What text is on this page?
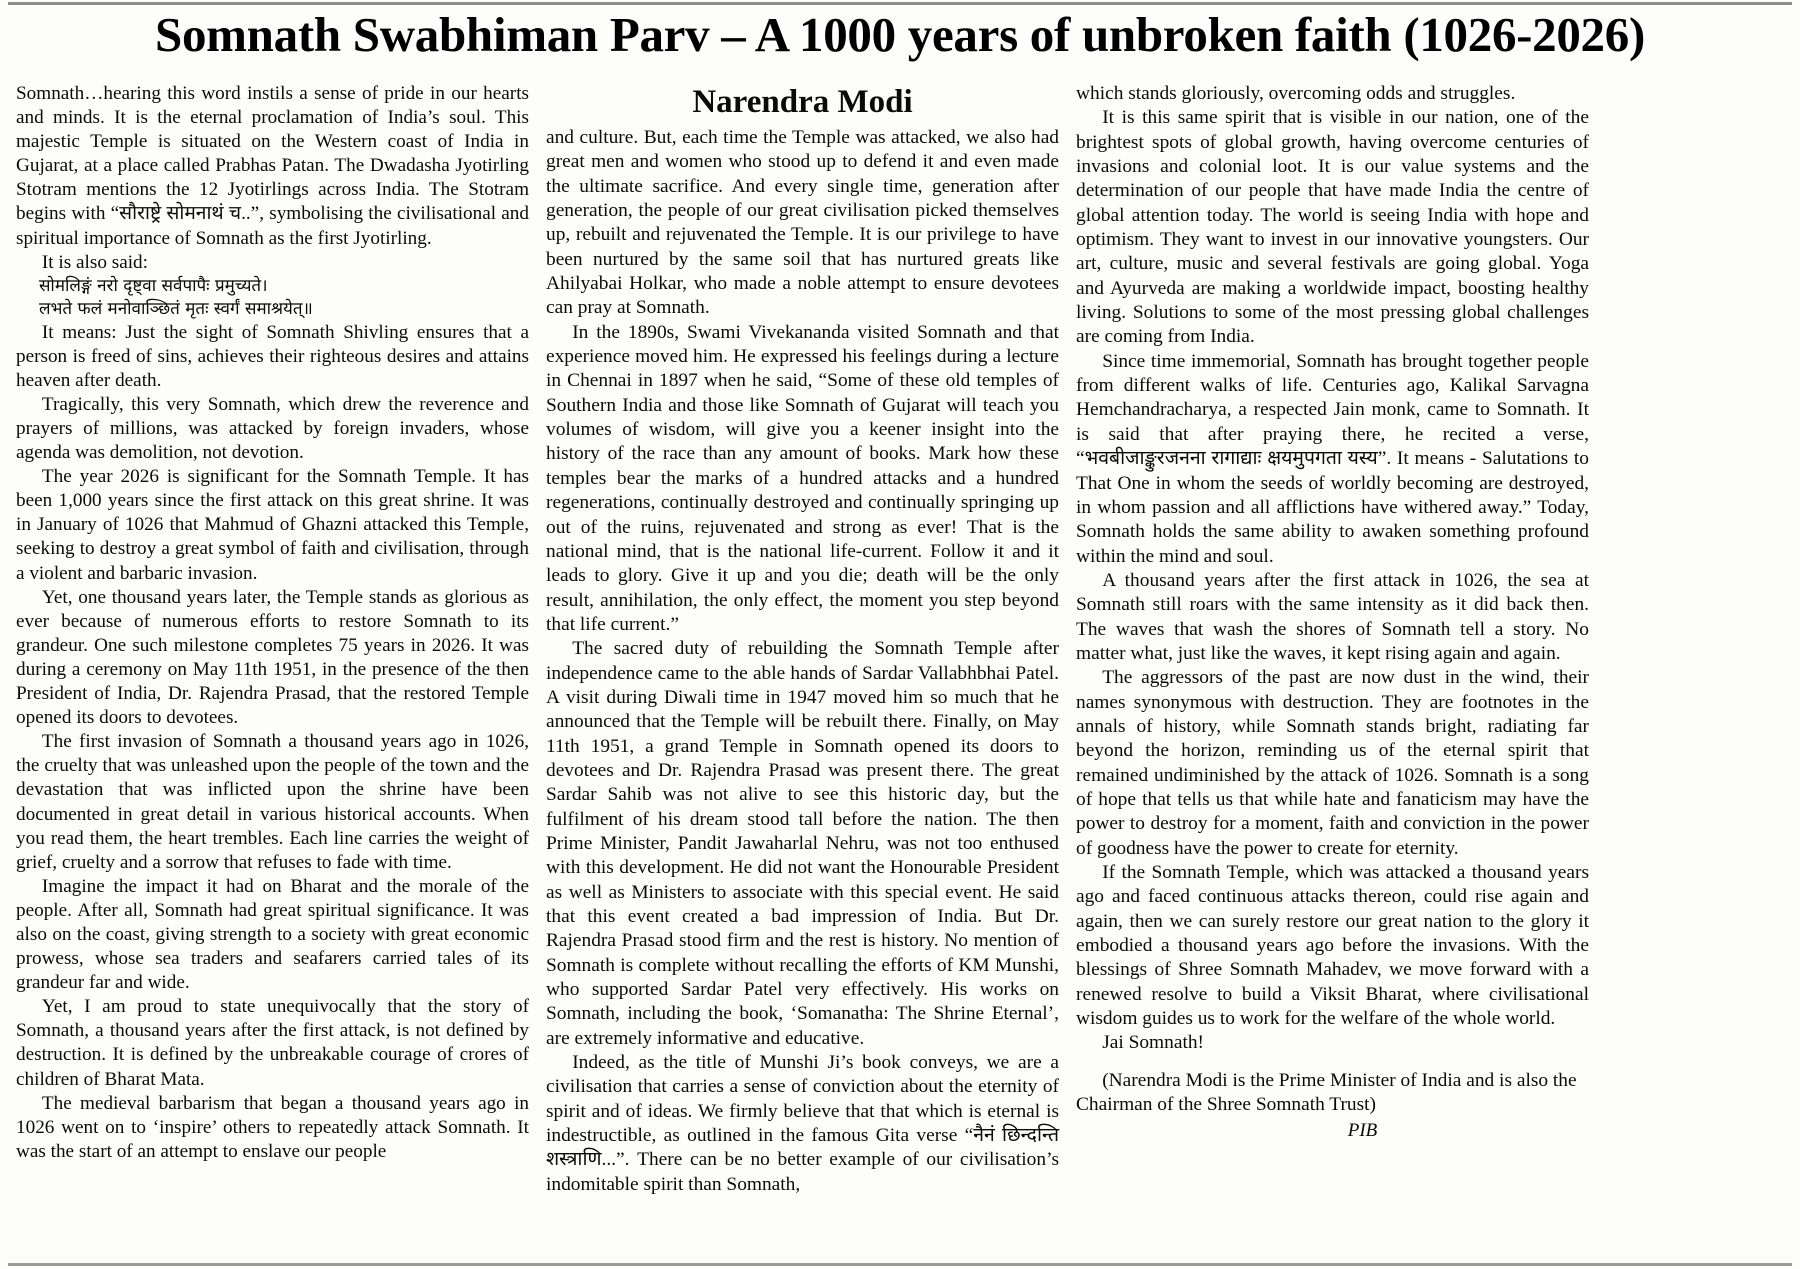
Somnath Swabhiman Parv – A 1000 years of unbroken faith (1026-2026)

Somnath…hearing this word instils a sense of pride in our hearts and minds. It is the eternal proclamation of India’s soul. This majestic Temple is situated on the Western coast of India in Gujarat, at a place called Prabhas Patan. The Dwadasha Jyotirling Stotram mentions the 12 Jyotirlings across India. The Stotram begins with “सौराष्ट्रे सोमनाथं च..”, symbolising the civilisational and spiritual importance of Somnath as the first Jyotirling.

It is also said:

सोमलिङ्गं नरो दृष्ट्वा सर्वपापैः प्रमुच्यते।

लभते फलं मनोवाञ्छितं मृतः स्वर्गं समाश्रयेत्॥

It means: Just the sight of Somnath Shivling ensures that a person is freed of sins, achieves their righteous desires and attains heaven after death.

Tragically, this very Somnath, which drew the reverence and prayers of millions, was attacked by foreign invaders, whose agenda was demolition, not devotion.

The year 2026 is significant for the Somnath Temple. It has been 1,000 years since the first attack on this great shrine. It was in January of 1026 that Mahmud of Ghazni attacked this Temple, seeking to destroy a great symbol of faith and civilisation, through a violent and barbaric invasion.

Yet, one thousand years later, the Temple stands as glorious as ever because of numerous efforts to restore Somnath to its grandeur. One such milestone completes 75 years in 2026. It was during a ceremony on May 11th 1951, in the presence of the then President of India, Dr. Rajendra Prasad, that the restored Temple opened its doors to devotees.

The first invasion of Somnath a thousand years ago in 1026, the cruelty that was unleashed upon the people of the town and the devastation that was inflicted upon the shrine have been documented in great detail in various historical accounts. When you read them, the heart trembles. Each line carries the weight of grief, cruelty and a sorrow that refuses to fade with time.

Imagine the impact it had on Bharat and the morale of the people. After all, Somnath had great spiritual significance. It was also on the coast, giving strength to a society with great economic prowess, whose sea traders and seafarers carried tales of its grandeur far and wide.

Yet, I am proud to state unequivocally that the story of Somnath, a thousand years after the first attack, is not defined by destruction. It is defined by the unbreakable courage of crores of children of Bharat Mata.

The medieval barbarism that began a thousand years ago in 1026 went on to ‘inspire’ others to repeatedly attack Somnath. It was the start of an attempt to enslave our people

Narendra Modi

and culture. But, each time the Temple was attacked, we also had great men and women who stood up to defend it and even made the ultimate sacrifice. And every single time, generation after generation, the people of our great civilisation picked themselves up, rebuilt and rejuvenated the Temple. It is our privilege to have been nurtured by the same soil that has nurtured greats like Ahilyabai Holkar, who made a noble attempt to ensure devotees can pray at Somnath.

In the 1890s, Swami Vivekananda visited Somnath and that experience moved him. He expressed his feelings during a lecture in Chennai in 1897 when he said, “Some of these old temples of Southern India and those like Somnath of Gujarat will teach you volumes of wisdom, will give you a keener insight into the history of the race than any amount of books. Mark how these temples bear the marks of a hundred attacks and a hundred regenerations, continually destroyed and continually springing up out of the ruins, rejuvenated and strong as ever! That is the national mind, that is the national life-current. Follow it and it leads to glory. Give it up and you die; death will be the only result, annihilation, the only effect, the moment you step beyond that life current.”

The sacred duty of rebuilding the Somnath Temple after independence came to the able hands of Sardar Vallabhbhai Patel. A visit during Diwali time in 1947 moved him so much that he announced that the Temple will be rebuilt there. Finally, on May 11th 1951, a grand Temple in Somnath opened its doors to devotees and Dr. Rajendra Prasad was present there. The great Sardar Sahib was not alive to see this historic day, but the fulfilment of his dream stood tall before the nation. The then Prime Minister, Pandit Jawaharlal Nehru, was not too enthused with this development. He did not want the Honourable President as well as Ministers to associate with this special event. He said that this event created a bad impression of India. But Dr. Rajendra Prasad stood firm and the rest is history. No mention of Somnath is complete without recalling the efforts of KM Munshi, who supported Sardar Patel very effectively. His works on Somnath, including the book, ‘Somanatha: The Shrine Eternal’, are extremely informative and educative.

Indeed, as the title of Munshi Ji’s book conveys, we are a civilisation that carries a sense of conviction about the eternity of spirit and of ideas. We firmly believe that that which is eternal is indestructible, as outlined in the famous Gita verse “नैनं छिन्दन्ति शस्त्राणि...”. There can be no better example of our civilisation’s indomitable spirit than Somnath,

which stands gloriously, overcoming odds and struggles.

It is this same spirit that is visible in our nation, one of the brightest spots of global growth, having overcome centuries of invasions and colonial loot. It is our value systems and the determination of our people that have made India the centre of global attention today. The world is seeing India with hope and optimism. They want to invest in our innovative youngsters. Our art, culture, music and several festivals are going global. Yoga and Ayurveda are making a worldwide impact, boosting healthy living. Solutions to some of the most pressing global challenges are coming from India.

Since time immemorial, Somnath has brought together people from different walks of life. Centuries ago, Kalikal Sarvagna Hemchandracharya, a respected Jain monk, came to Somnath. It is said that after praying there, he recited a verse, “भवबीजाङ्कुरजनना रागाद्याः क्षयमुपगता यस्य”. It means - Salutations to That One in whom the seeds of worldly becoming are destroyed, in whom passion and all afflictions have withered away.” Today, Somnath holds the same ability to awaken something profound within the mind and soul.

A thousand years after the first attack in 1026, the sea at Somnath still roars with the same intensity as it did back then. The waves that wash the shores of Somnath tell a story. No matter what, just like the waves, it kept rising again and again.

The aggressors of the past are now dust in the wind, their names synonymous with destruction. They are footnotes in the annals of history, while Somnath stands bright, radiating far beyond the horizon, reminding us of the eternal spirit that remained undiminished by the attack of 1026. Somnath is a song of hope that tells us that while hate and fanaticism may have the power to destroy for a moment, faith and conviction in the power of goodness have the power to create for eternity.

If the Somnath Temple, which was attacked a thousand years ago and faced continuous attacks thereon, could rise again and again, then we can surely restore our great nation to the glory it embodied a thousand years ago before the invasions. With the blessings of Shree Somnath Mahadev, we move forward with a renewed resolve to build a Viksit Bharat, where civilisational wisdom guides us to work for the welfare of the whole world.

Jai Somnath!

(Narendra Modi is the Prime Minister of India and is also the Chairman of the Shree Somnath Trust)
PIB
